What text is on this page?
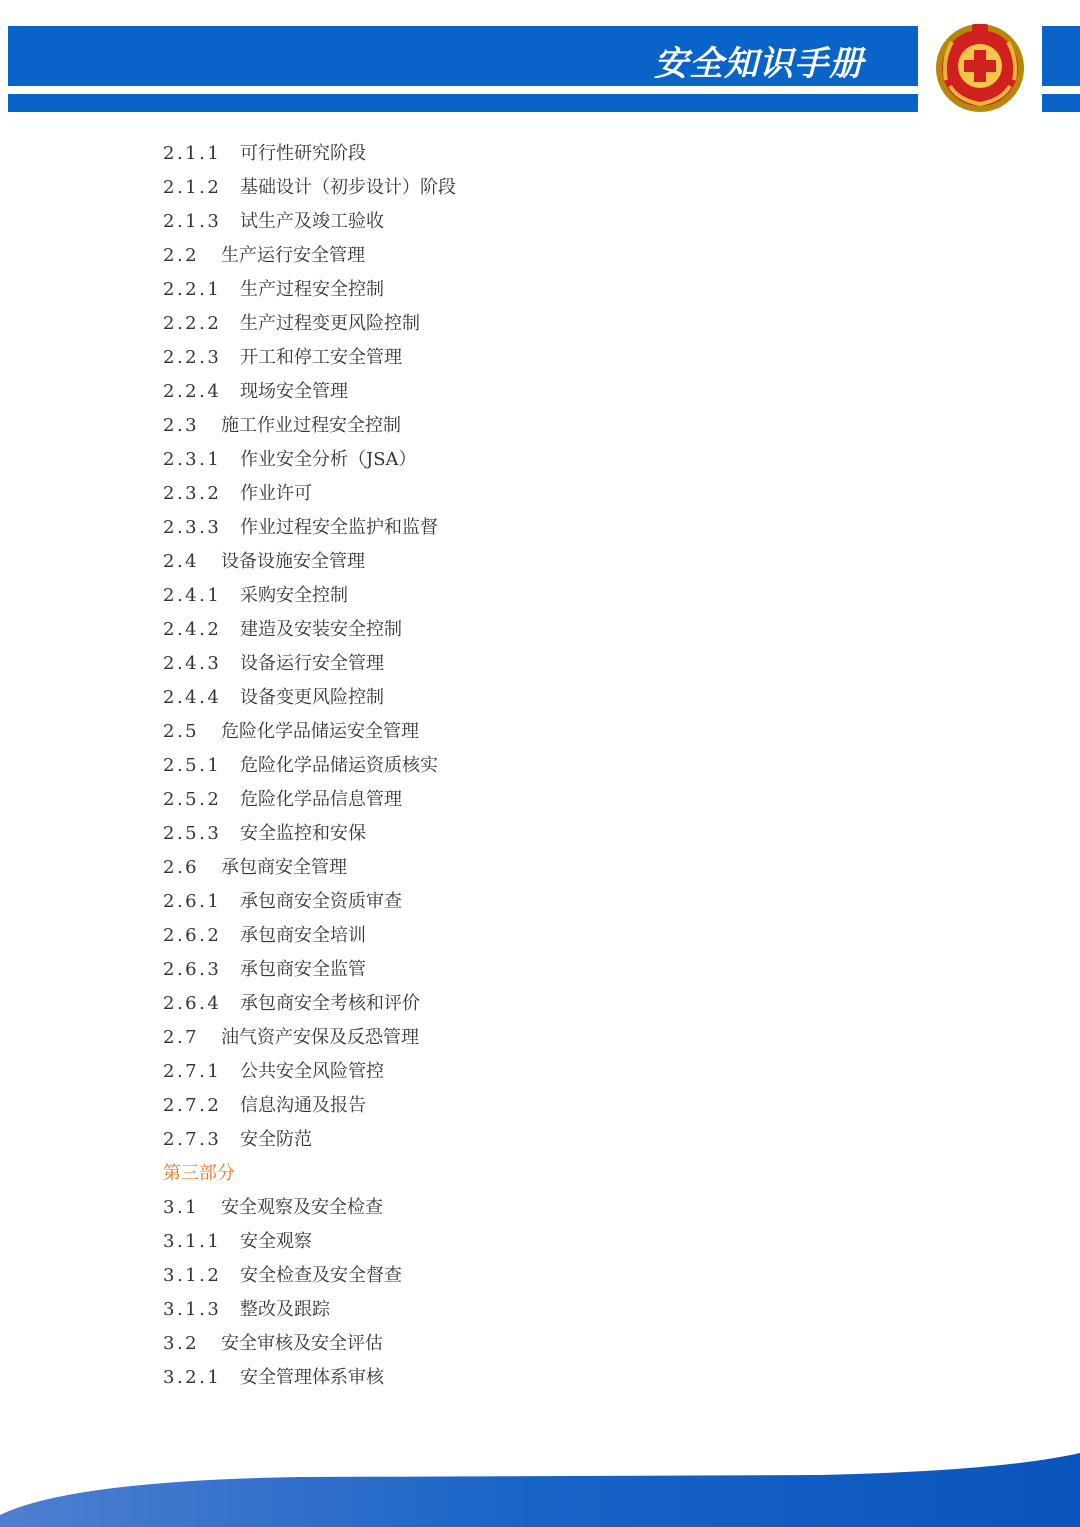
安全知识手册
2.1.1 可行性研究阶段
2.1.2 基础设计（初步设计）阶段
2.1.3 试生产及竣工验收
2.2 生产运行安全管理
2.2.1 生产过程安全控制
2.2.2 生产过程变更风险控制
2.2.3 开工和停工安全管理
2.2.4 现场安全管理
2.3 施工作业过程安全控制
2.3.1 作业安全分析（JSA）
2.3.2 作业许可
2.3.3 作业过程安全监护和监督
2.4 设备设施安全管理
2.4.1 采购安全控制
2.4.2 建造及安装安全控制
2.4.3 设备运行安全管理
2.4.4 设备变更风险控制
2.5 危险化学品储运安全管理
2.5.1 危险化学品储运资质核实
2.5.2 危险化学品信息管理
2.5.3 安全监控和安保
2.6 承包商安全管理
2.6.1 承包商安全资质审查
2.6.2 承包商安全培训
2.6.3 承包商安全监管
2.6.4 承包商安全考核和评价
2.7 油气资产安保及反恐管理
2.7.1 公共安全风险管控
2.7.2 信息沟通及报告
2.7.3 安全防范
第三部分
3.1 安全观察及安全检查
3.1.1 安全观察
3.1.2 安全检查及安全督查
3.1.3 整改及跟踪
3.2 安全审核及安全评估
3.2.1 安全管理体系审核
